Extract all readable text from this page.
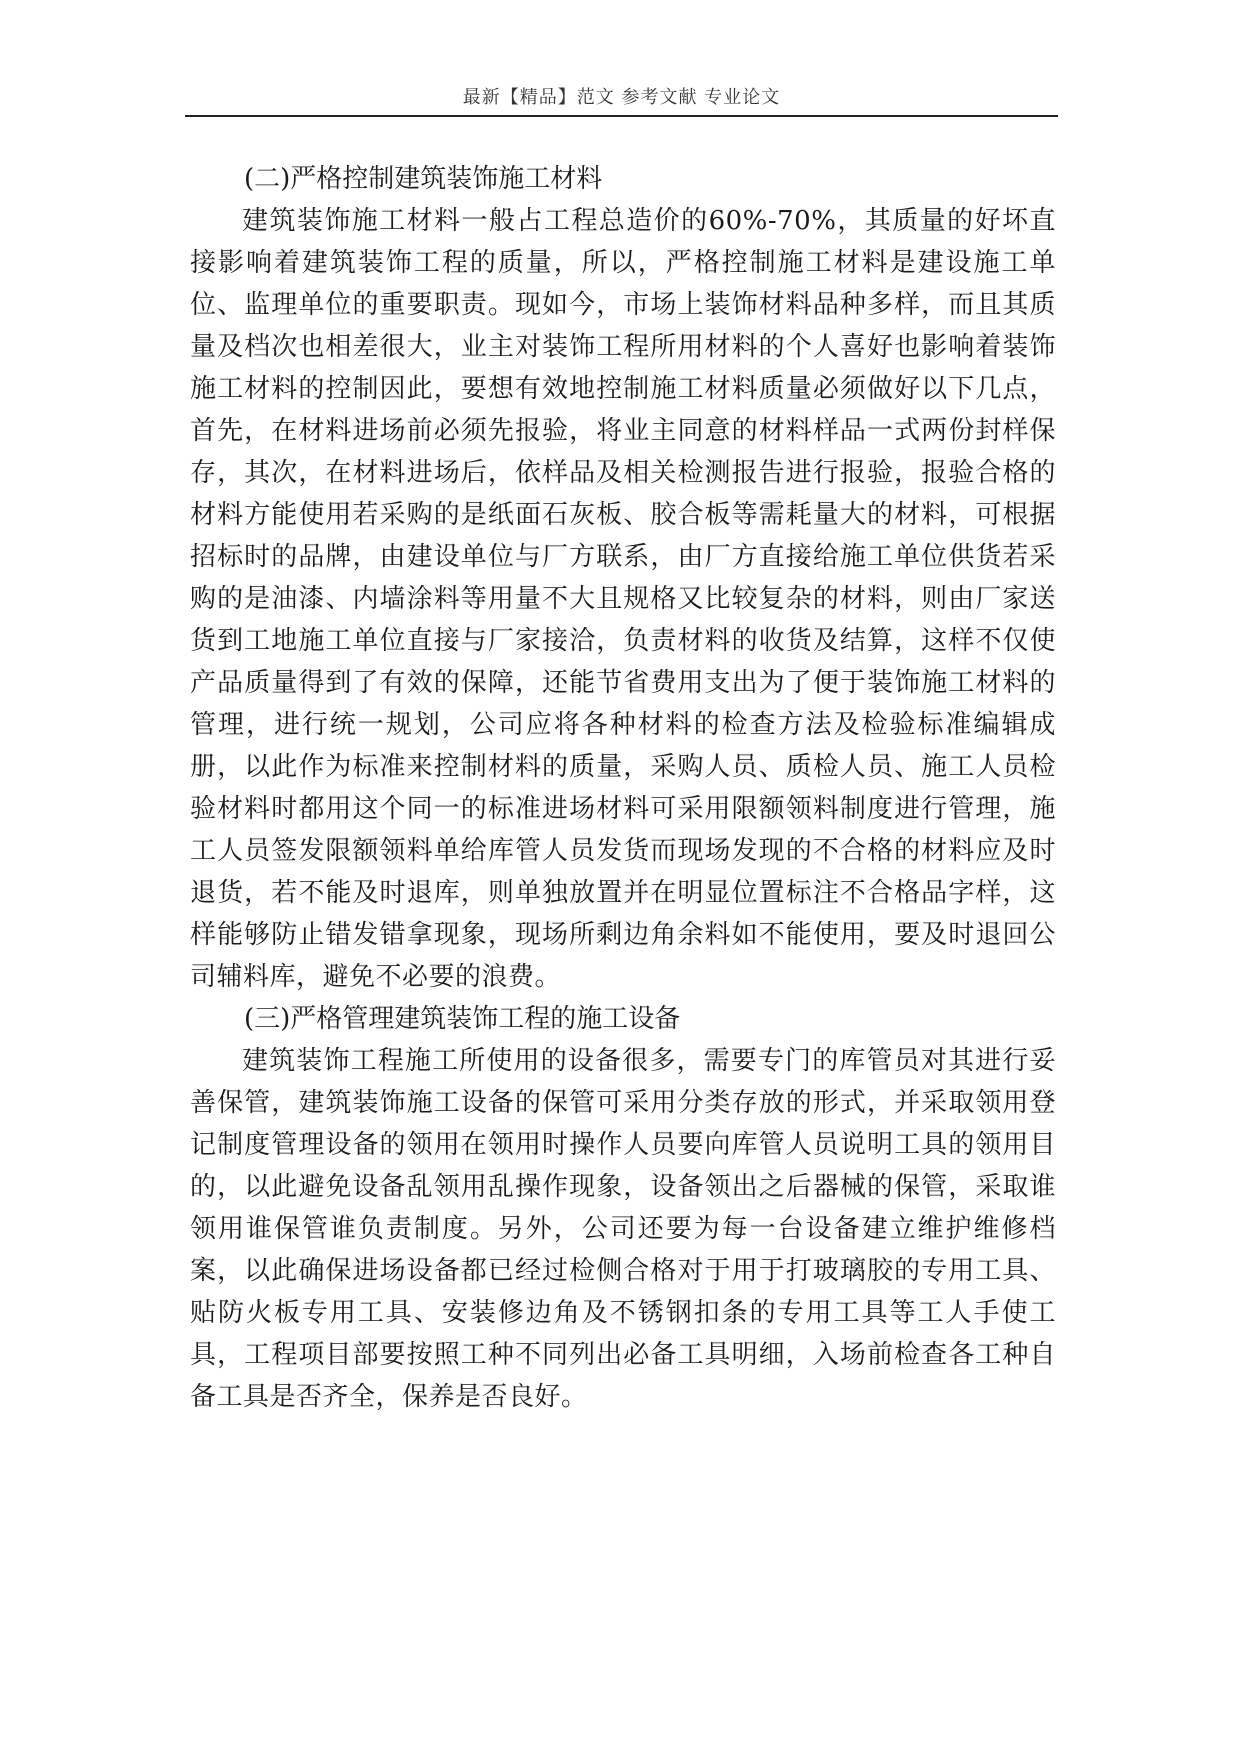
最新【精品】范文 参考文献 专业论文

(二)严格控制建筑装饰施工材料

建筑装饰施工材料一般占工程总造价的60%-70%，其质量的好坏直接影响着建筑装饰工程的质量，所以，严格控制施工材料是建设施工单位、监理单位的重要职责。现如今，市场上装饰材料品种多样，而且其质量及档次也相差很大，业主对装饰工程所用材料的个人喜好也影响着装饰施工材料的控制因此，要想有效地控制施工材料质量必须做好以下几点，首先，在材料进场前必须先报验，将业主同意的材料样品一式两份封样保存，其次，在材料进场后，依样品及相关检测报告进行报验，报验合格的材料方能使用若采购的是纸面石灰板、胶合板等需耗量大的材料，可根据招标时的品牌，由建设单位与厂方联系，由厂方直接给施工单位供货若采购的是油漆、内墙涂料等用量不大且规格又比较复杂的材料，则由厂家送货到工地施工单位直接与厂家接洽，负责材料的收货及结算，这样不仅使产品质量得到了有效的保障，还能节省费用支出为了便于装饰施工材料的管理，进行统一规划，公司应将各种材料的检查方法及检验标准编辑成册，以此作为标准来控制材料的质量，采购人员、质检人员、施工人员检验材料时都用这个同一的标准进场材料可采用限额领料制度进行管理，施工人员签发限额领料单给库管人员发货而现场发现的不合格的材料应及时退货，若不能及时退库，则单独放置并在明显位置标注不合格品字样，这样能够防止错发错拿现象，现场所剩边角余料如不能使用，要及时退回公司辅料库，避免不必要的浪费。

(三)严格管理建筑装饰工程的施工设备

建筑装饰工程施工所使用的设备很多，需要专门的库管员对其进行妥善保管，建筑装饰施工设备的保管可采用分类存放的形式，并采取领用登记制度管理设备的领用在领用时操作人员要向库管人员说明工具的领用目的，以此避免设备乱领用乱操作现象，设备领出之后器械的保管，采取谁领用谁保管谁负责制度。另外，公司还要为每一台设备建立维护维修档案，以此确保进场设备都已经过检侧合格对于用于打玻璃胶的专用工具、贴防火板专用工具、安装修边角及不锈钢扣条的专用工具等工人手使工具，工程项目部要按照工种不同列出必备工具明细，入场前检查各工种自备工具是否齐全，保养是否良好。
